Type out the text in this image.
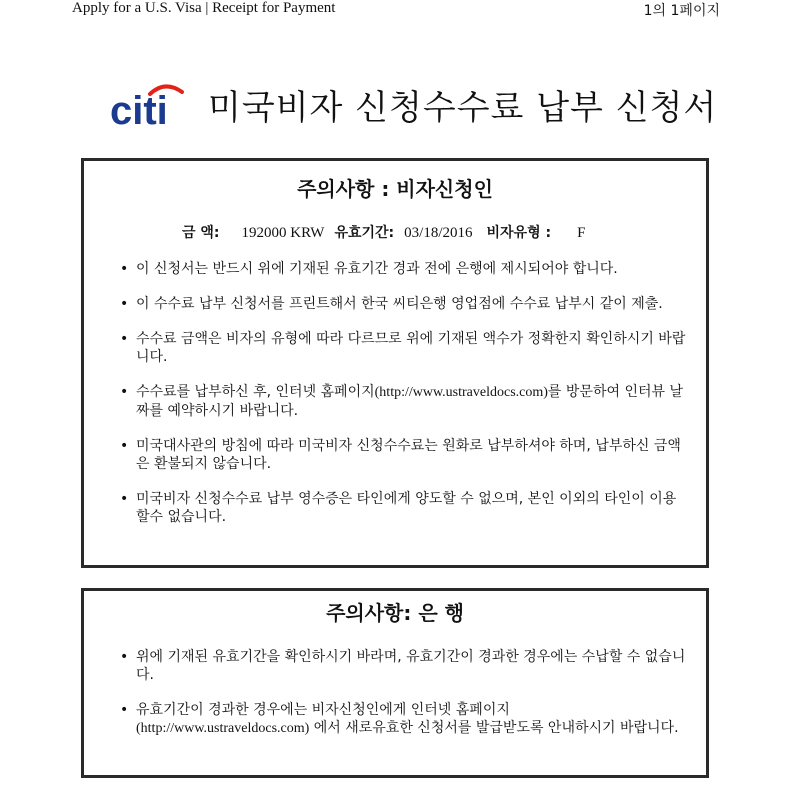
Apply for a U.S. Visa | Receipt for Payment	1의 1페이지
citi 미국비자 신청수수료 납부 신청서
주의사항 : 비자신청인
금 액: 192000 KRW 유효기간: 03/18/2016 비자유형 : F
• 이 신청서는 반드시 위에 기재된 유효기간 경과 전에 은행에 제시되어야 합니다.
• 이 수수료 납부 신청서를 프린트해서 한국 씨티은행 영업점에 수수료 납부시 같이 제출.
• 수수료 금액은 비자의 유형에 따라 다르므로 위에 기재된 액수가 정확한지 확인하시기 바랍니다.
• 수수료를 납부하신 후, 인터넷 홈페이지(http://www.ustraveldocs.com)를 방문하여 인터뷰 날짜를 예약하시기 바랍니다.
• 미국대사관의 방침에 따라 미국비자 신청수수료는 원화로 납부하셔야 하며, 납부하신 금액은 환불되지 않습니다.
• 미국비자 신청수수료 납부 영수증은 타인에게 양도할 수 없으며, 본인 이외의 타인이 이용할수 없습니다.
주의사항: 은 행
• 위에 기재된 유효기간을 확인하시기 바라며, 유효기간이 경과한 경우에는 수납할 수 없습니다.
• 유효기간이 경과한 경우에는 비자신청인에게 인터넷 홈페이지
(http://www.ustraveldocs.com) 에서 새로유효한 신청서를 발급받도록 안내하시기 바랍니다.
